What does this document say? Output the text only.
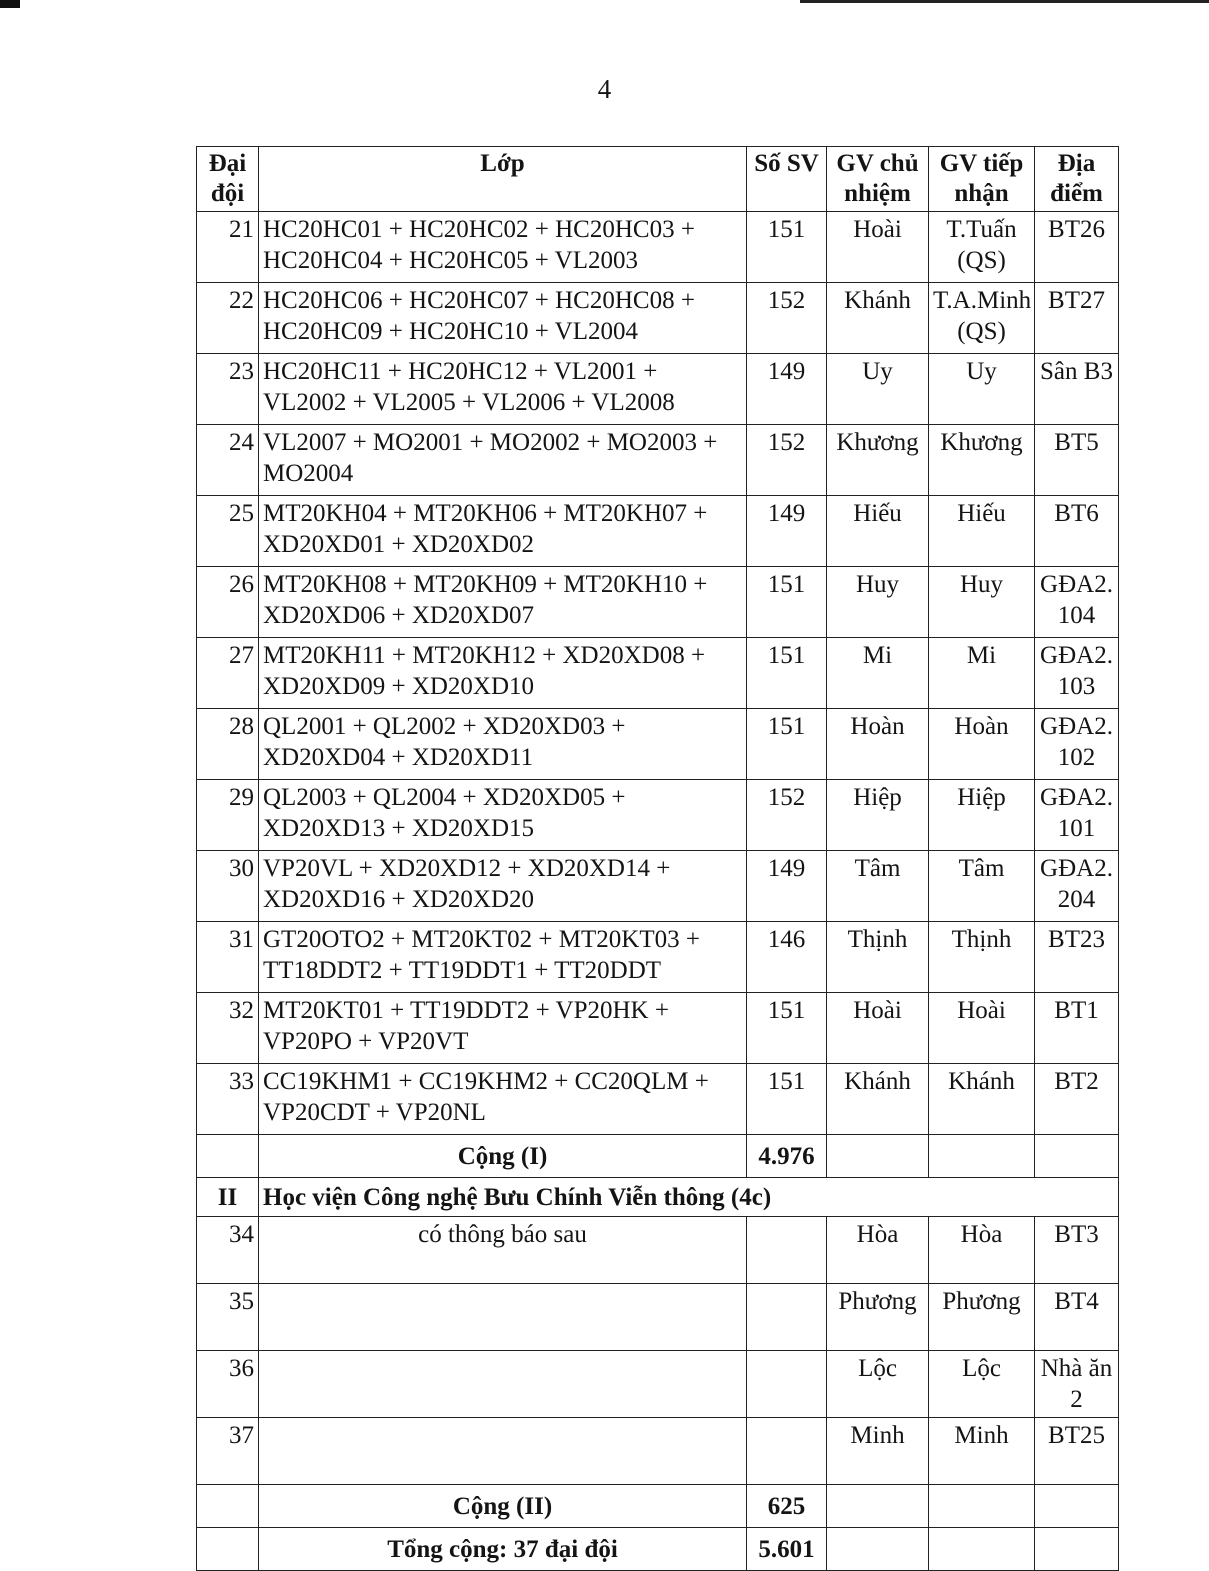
4
Đại đội	Lớp	Số SV	GV chủ nhiệm	GV tiếp nhận	Địa điểm
21	HC20HC01 + HC20HC02 + HC20HC03 + HC20HC04 + HC20HC05 + VL2003	151	Hoài	T.Tuấn (QS)	BT26
22	HC20HC06 + HC20HC07 + HC20HC08 + HC20HC09 + HC20HC10 + VL2004	152	Khánh	T.A.Minh (QS)	BT27
23	HC20HC11 + HC20HC12 + VL2001 + VL2002 + VL2005 + VL2006 + VL2008	149	Uy	Uy	Sân B3
24	VL2007 + MO2001 + MO2002 + MO2003 + MO2004	152	Khương	Khương	BT5
25	MT20KH04 + MT20KH06 + MT20KH07 + XD20XD01 + XD20XD02	149	Hiếu	Hiếu	BT6
26	MT20KH08 + MT20KH09 + MT20KH10 + XD20XD06 + XD20XD07	151	Huy	Huy	GĐA2. 104
27	MT20KH11 + MT20KH12 + XD20XD08 + XD20XD09 + XD20XD10	151	Mi	Mi	GĐA2. 103
28	QL2001 + QL2002 + XD20XD03 + XD20XD04 + XD20XD11	151	Hoàn	Hoàn	GĐA2. 102
29	QL2003 + QL2004 + XD20XD05 + XD20XD13 + XD20XD15	152	Hiệp	Hiệp	GĐA2. 101
30	VP20VL + XD20XD12 + XD20XD14 + XD20XD16 + XD20XD20	149	Tâm	Tâm	GĐA2. 204
31	GT20OTO2 + MT20KT02 + MT20KT03 + TT18DDT2 + TT19DDT1 + TT20DDT	146	Thịnh	Thịnh	BT23
32	MT20KT01 + TT19DDT2 + VP20HK + VP20PO + VP20VT	151	Hoài	Hoài	BT1
33	CC19KHM1 + CC19KHM2 + CC20QLM + VP20CDT + VP20NL	151	Khánh	Khánh	BT2
	Cộng (I)	4.976			
II	Học viện Công nghệ Bưu Chính Viễn thông (4c)				
34	có thông báo sau		Hòa	Hòa	BT3
35			Phương	Phương	BT4
36			Lộc	Lộc	Nhà ăn 2
37			Minh	Minh	BT25
	Cộng (II)	625			
	Tổng cộng: 37 đại đội	5.601			
